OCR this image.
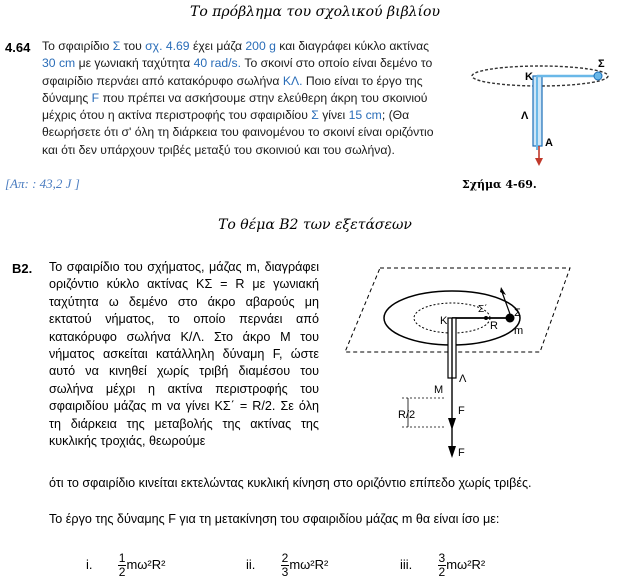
Το πρόβλημα του σχολικού βιβλίου
4.64 Το σφαιρίδιο Σ του σχ. 4.69 έχει μάζα 200 g και διαγράφει κύκλο ακτίνας 30 cm με γωνιακή ταχύτητα 40 rad/s. Το σκοινί στο οποίο είναι δεμένο το σφαιρίδιο περνάει από κατακόρυφο σωλήνα ΚΛ. Ποιο είναι το έργο της δύναμης F που πρέπει να ασκήσουμε στην ελεύθερη άκρη του σκοινιού μέχρις ότου η ακτίνα περιστροφής του σφαιριδίου Σ γίνει 15 cm; (Θα θεωρήσετε ότι σ' όλη τη διάρκεια του φαινομένου το σκοινί είναι οριζόντιο και ότι δεν υπάρχουν τριβές μεταξύ του σκοινιού και του σωλήνα).
[Απ: : 43,2 J ]
Κ
Σ
Λ
Α
Σχήμα 4-69.
Το θέμα Β2 των εξετάσεων
Β2. Το σφαιρίδιο του σχήματος, μάζας m, διαγράφει οριζόντιο κύκλο ακτίνας ΚΣ = R με γωνιακή ταχύτητα ω δεμένο στο άκρο αβαρούς μη εκτατού νήματος, το οποίο περνάει από κατακόρυφο σωλήνα Κ/Λ. Στο άκρο Μ του νήματος ασκείται κατάλληλη δύναμη F, ώστε αυτό να κινηθεί χωρίς τριβή διαμέσου του σωλήνα μέχρι η ακτίνα περιστροφής του σφαιριδίου μάζας m να γίνει ΚΣ΄ = R/2. Σε όλη τη διάρκεια της μεταβολής της ακτίνας της κυκλικής τροχιάς, θεωρούμε
ότι το σφαιρίδιο κινείται εκτελώντας κυκλική κίνηση στο οριζόντιο επίπεδο χωρίς τριβές.
Το έργο της δύναμης F για τη μετακίνηση του σφαιριδίου μάζας m θα είναι ίσο με:
i. $\frac{1}{2} m\omega^2R^2$	ii. $\frac{2}{3} m\omega^2R^2$	iii. $\frac{3}{2} m\omega^2R^2$
Κ
Σ
Σ΄
R m
Λ
Μ
R/2	F
F
